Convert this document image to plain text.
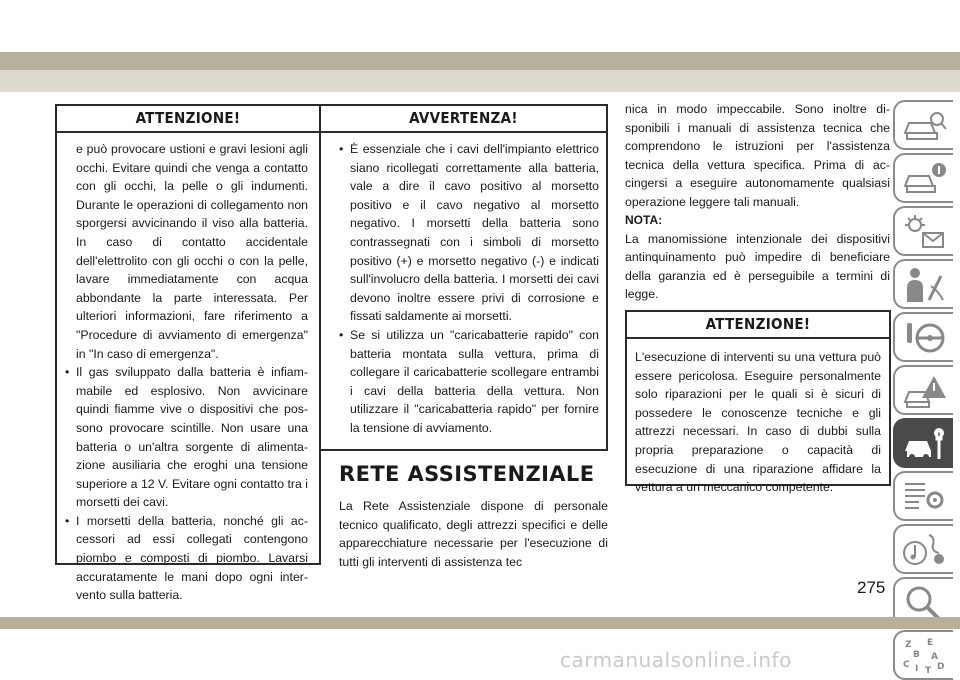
ATTENZIONE!

e può provocare ustioni e gravi lesioni agli occhi. Evitare quindi che venga a contatto con gli occhi, la pelle o gli indumenti. Durante le operazioni di collegamento non sporgersi avvicinando il viso alla batteria. In caso di contatto accidentale dell'elettrolito con gli occhi o con la pelle, lavare immediatamente con acqua abbondante la parte interessata. Per ulteriori informazioni, fare riferimento a "Procedure di avviamento di emergenza" in "In caso di emergenza".

• Il gas sviluppato dalla batteria è infiammabile ed esplosivo. Non avvicinare quindi fiamme vive o dispositivi che possono provocare scintille. Non usare una batteria o un'altra sorgente di alimentazione ausiliaria che eroghi una tensione superiore a 12 V. Evitare ogni contatto tra i morsetti dei cavi.
• I morsetti della batteria, nonché gli accessori ad essi collegati contengono piombo e composti di piombo. Lavarsi accuratamente le mani dopo ogni intervento sulla batteria.
AVVERTENZA!
• È essenziale che i cavi dell'impianto elettrico siano ricollegati correttamente alla batteria, vale a dire il cavo positivo al morsetto positivo e il cavo negativo al morsetto negativo. I morsetti della batteria sono contrassegnati con i simboli di morsetto positivo (+) e morsetto negativo (-) e indicati sull'involucro della batteria. I morsetti dei cavi devono inoltre essere privi di corrosione e fissati saldamente ai morsetti.
• Se si utilizza un "caricabatterie rapido" con batteria montata sulla vettura, prima di collegare il caricabatterie scollegare entrambi i cavi della batteria della vettura. Non utilizzare il "caricabatteria rapido" per fornire la tensione di avviamento.
RETE ASSISTENZIALE
La Rete Assistenziale dispone di personale tecnico qualificato, degli attrezzi specifici e delle apparecchiature necessarie per l'esecuzione di tutti gli interventi di assistenza tec
nica in modo impeccabile. Sono inoltre disponibili i manuali di assistenza tecnica che comprendono le istruzioni per l'assistenza tecnica della vettura specifica. Prima di accingersi a eseguire autonomamente qualsiasi operazione leggere tali manuali.
NOTA:
La manomissione intenzionale dei dispositivi antinquinamento può impedire di beneficiare della garanzia ed è perseguibile a termini di legge.
ATTENZIONE!
L'esecuzione di interventi su una vettura può essere pericolosa. Eseguire personalmente solo riparazioni per le quali si è sicuri di possedere le conoscenze tecniche e gli attrezzi necessari. In caso di dubbi sulla propria preparazione o capacità di esecuzione di una riparazione affidare la vettura a un meccanico competente.
Z E
B A
C	D
I T
275
carmanualsonline.info
